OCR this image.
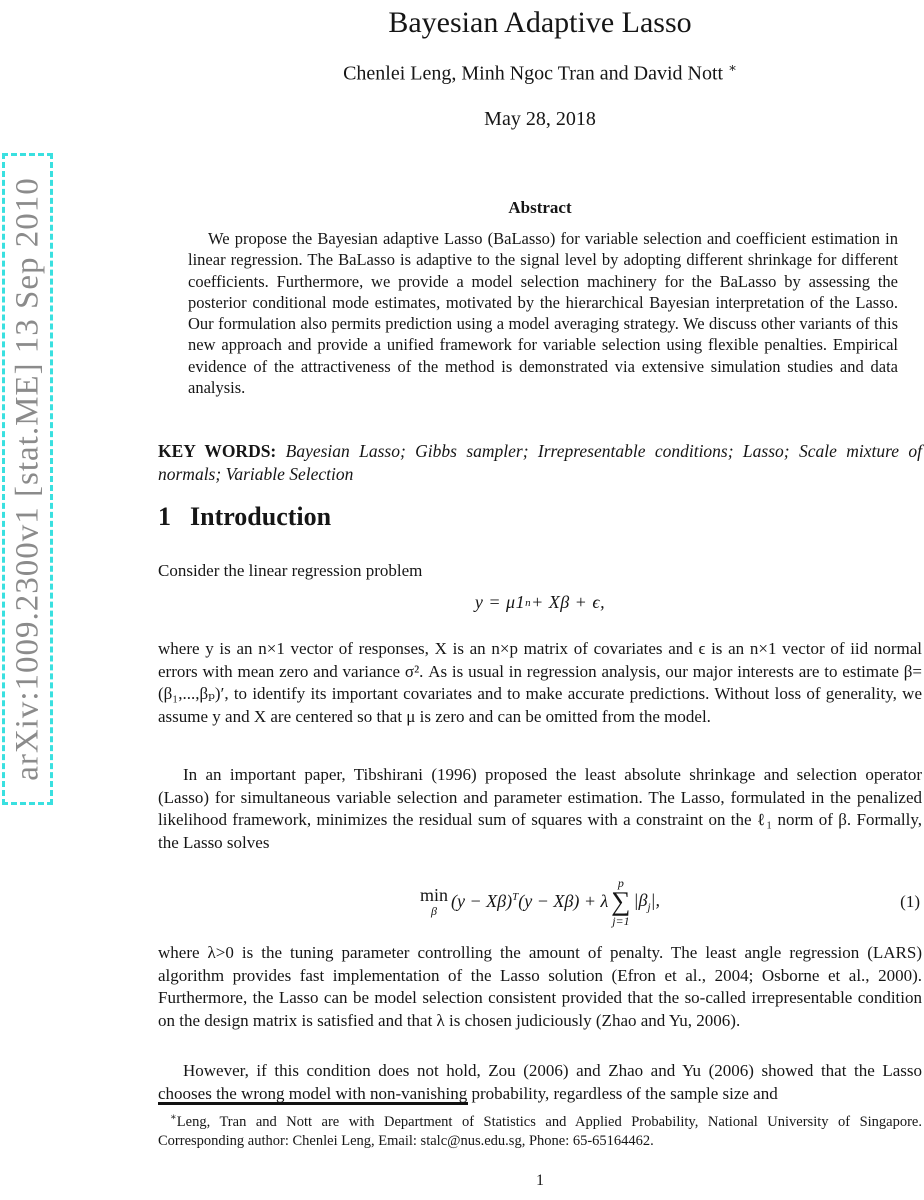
arXiv:1009.2300v1 [stat.ME] 13 Sep 2010
Bayesian Adaptive Lasso
Chenlei Leng, Minh Ngoc Tran and David Nott ∗
May 28, 2018
Abstract

We propose the Bayesian adaptive Lasso (BaLasso) for variable selection and coefficient estimation in linear regression. The BaLasso is adaptive to the signal level by adopting different shrinkage for different coefficients. Furthermore, we provide a model selection machinery for the BaLasso by assessing the posterior conditional mode estimates, motivated by the hierarchical Bayesian interpretation of the Lasso. Our formulation also permits prediction using a model averaging strategy. We discuss other variants of this new approach and provide a unified framework for variable selection using flexible penalties. Empirical evidence of the attractiveness of the method is demonstrated via extensive simulation studies and data analysis.

KEY WORDS: Bayesian Lasso; Gibbs sampler; Irrepresentable conditions; Lasso; Scale mixture of normals; Variable Selection

1 Introduction

Consider the linear regression problem

y = μ1 n + Xβ + ϵ,

where y is an n×1 vector of responses, X is an n×p matrix of covariates and ϵ is an n×1 vector of iid normal errors with mean zero and variance σ². As is usual in regression analysis, our major interests are to estimate β=(β₁,...,βₚ)′, to identify its important covariates and to make accurate predictions. Without loss of generality, we assume y and X are centered so that μ is zero and can be omitted from the model.

In an important paper, Tibshirani (1996) proposed the least absolute shrinkage and selection operator (Lasso) for simultaneous variable selection and parameter estimation. The Lasso, formulated in the penalized likelihood framework, minimizes the residual sum of squares with a constraint on the ℓ₁ norm of β. Formally, the Lasso solves

min
β $(y - X\beta)^T(y - X\beta) + \lambda$
p
∑
j=1
$|\beta_j|$,	(1)

where λ>0 is the tuning parameter controlling the amount of penalty. The least angle regression (LARS) algorithm provides fast implementation of the Lasso solution (Efron et al., 2004; Osborne et al., 2000). Furthermore, the Lasso can be model selection consistent provided that the so-called irrepresentable condition on the design matrix is satisfied and that λ is chosen judiciously (Zhao and Yu, 2006).

However, if this condition does not hold, Zou (2006) and Zhao and Yu (2006) showed that the Lasso chooses the wrong model with non-vanishing probability, regardless of the sample size and

∗Leng, Tran and Nott are with Department of Statistics and Applied Probability, National University of Singapore. Corresponding author: Chenlei Leng, Email: stalc@nus.edu.sg, Phone: 65-65164462.

1
